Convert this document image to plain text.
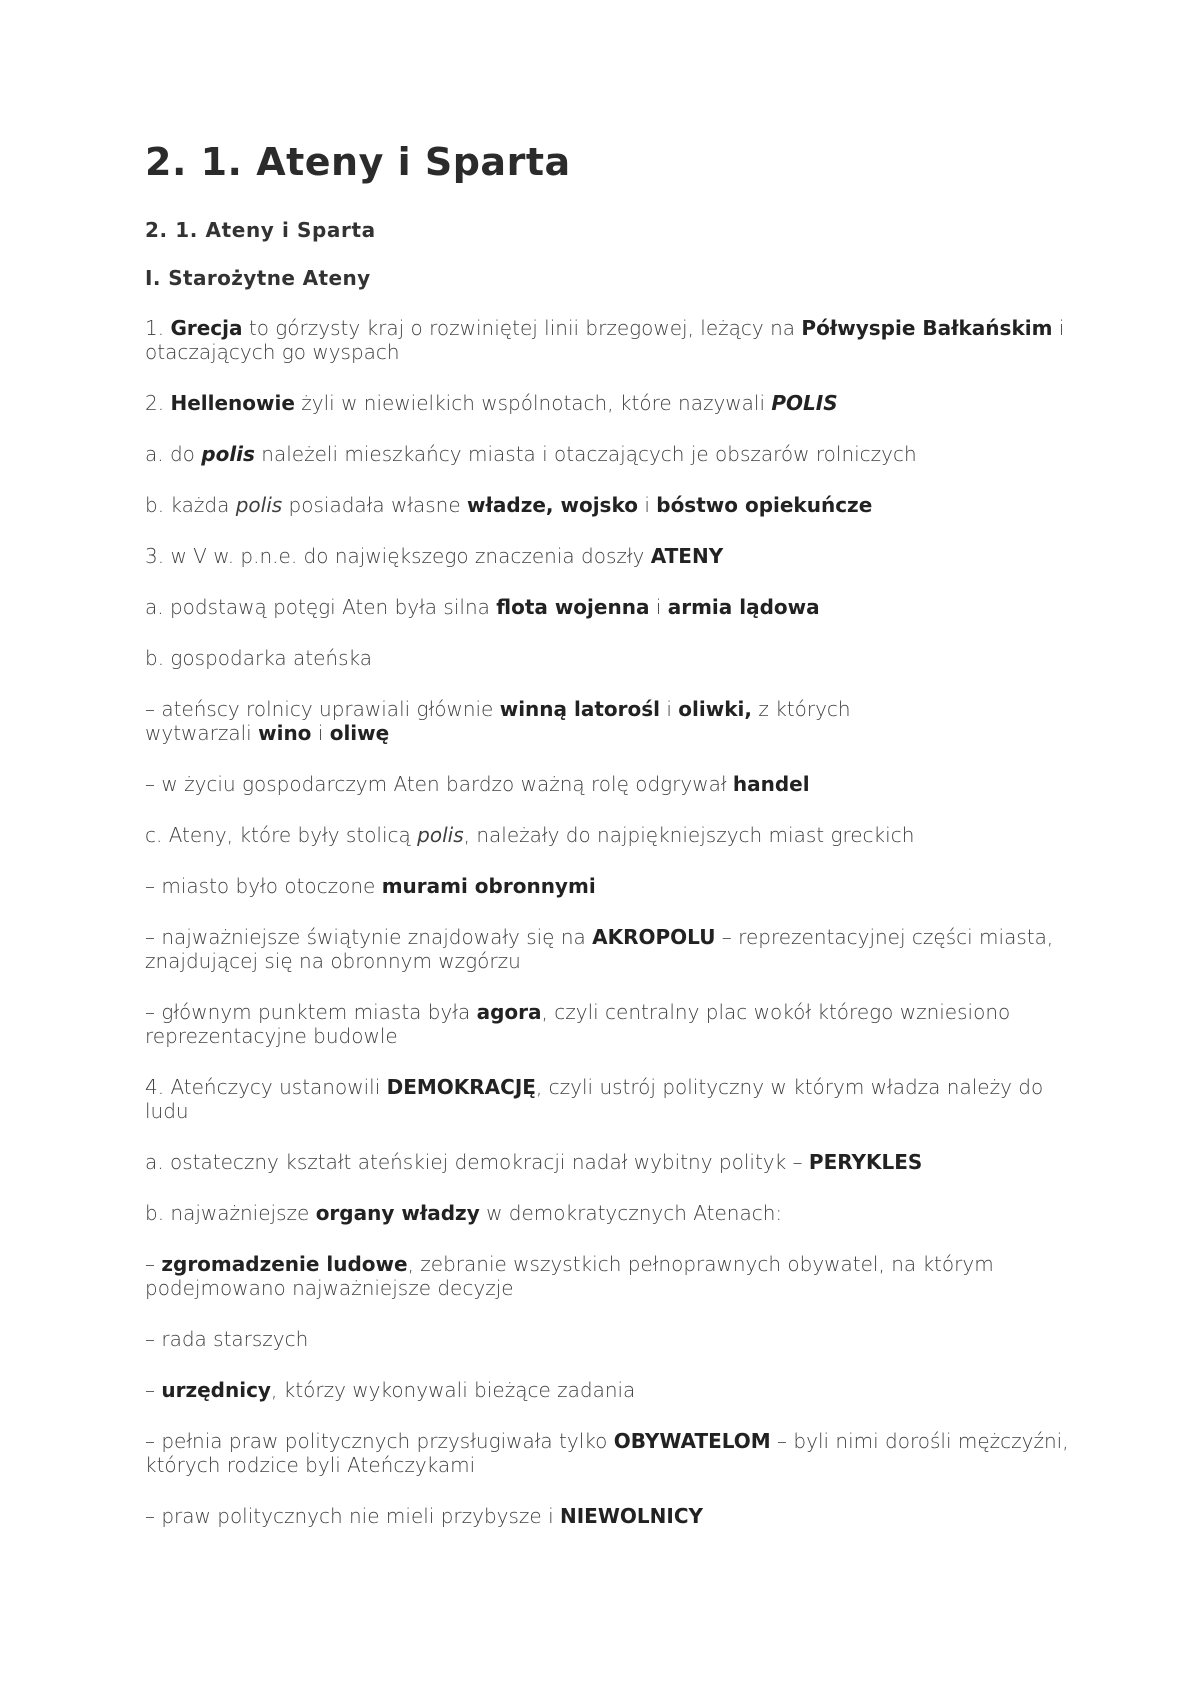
2. 1. Ateny i Sparta
2. 1. Ateny i Sparta
I. Starożytne Ateny

1. Grecja to górzysty kraj o rozwiniętej linii brzegowej, leżący na Półwyspie Bałkańskim i otaczających go wyspach

2. Hellenowie żyli w niewielkich wspólnotach, które nazywali POLIS

a. do polis należeli mieszkańcy miasta i otaczających je obszarów rolniczych

b. każda polis posiadała własne władze, wojsko i bóstwo opiekuńcze

3. w V w. p.n.e. do największego znaczenia doszły ATENY

a. podstawą potęgi Aten była silna flota wojenna i armia lądowa

b. gospodarka ateńska

– ateńscy rolnicy uprawiali głównie winną latorośl i oliwki, z których wytwarzali wino i oliwę

– w życiu gospodarczym Aten bardzo ważną rolę odgrywał handel

c. Ateny, które były stolicą polis, należały do najpiękniejszych miast greckich

– miasto było otoczone murami obronnymi

– najważniejsze świątynie znajdowały się na AKROPOLU – reprezentacyjnej części miasta, znajdującej się na obronnym wzgórzu

– głównym punktem miasta była agora, czyli centralny plac wokół którego wzniesiono reprezentacyjne budowle

4. Ateńczycy ustanowili DEMOKRACJĘ, czyli ustrój polityczny w którym władza należy do ludu

a. ostateczny kształt ateńskiej demokracji nadał wybitny polityk – PERYKLES

b. najważniejsze organy władzy w demokratycznych Atenach:

– zgromadzenie ludowe, zebranie wszystkich pełnoprawnych obywatel, na którym podejmowano najważniejsze decyzje

– rada starszych

– urzędnicy, którzy wykonywali bieżące zadania

– pełnia praw politycznych przysługiwała tylko OBYWATELOM – byli nimi dorośli mężczyźni, których rodzice byli Ateńczykami

– praw politycznych nie mieli przybysze i NIEWOLNICY
